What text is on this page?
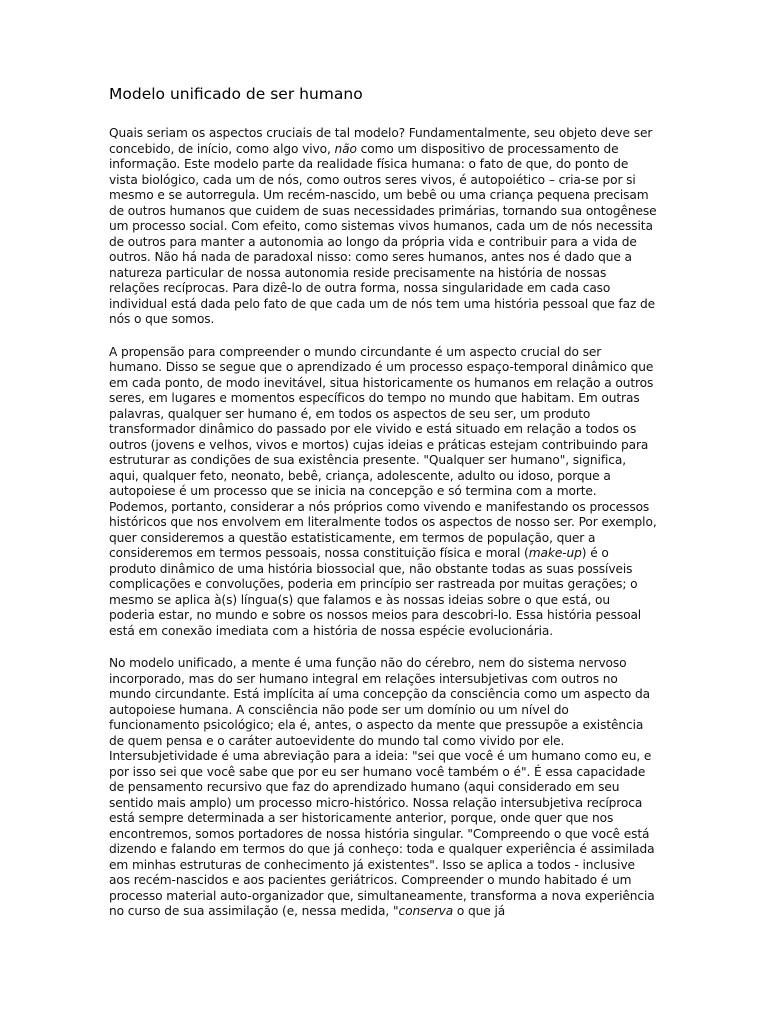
Modelo unificado de ser humano

Quais seriam os aspectos cruciais de tal modelo? Fundamentalmente, seu objeto deve ser concebido, de início, como algo vivo, não como um dispositivo de processamento de informação. Este modelo parte da realidade física humana: o fato de que, do ponto de vista biológico, cada um de nós, como outros seres vivos, é autopoiético – cria-se por si mesmo e se autorregula. Um recém-nascido, um bebê ou uma criança pequena precisam de outros humanos que cuidem de suas necessidades primárias, tornando sua ontogênese um processo social. Com efeito, como sistemas vivos humanos, cada um de nós necessita de outros para manter a autonomia ao longo da própria vida e contribuir para a vida de outros. Não há nada de paradoxal nisso: como seres humanos, antes nos é dado que a natureza particular de nossa autonomia reside precisamente na história de nossas relações recíprocas. Para dizê-lo de outra forma, nossa singularidade em cada caso individual está dada pelo fato de que cada um de nós tem uma história pessoal que faz de nós o que somos.

A propensão para compreender o mundo circundante é um aspecto crucial do ser humano. Disso se segue que o aprendizado é um processo espaço-temporal dinâmico que em cada ponto, de modo inevitável, situa historicamente os humanos em relação a outros seres, em lugares e momentos específicos do tempo no mundo que habitam. Em outras palavras, qualquer ser humano é, em todos os aspectos de seu ser, um produto transformador dinâmico do passado por ele vivido e está situado em relação a todos os outros (jovens e velhos, vivos e mortos) cujas ideias e práticas estejam contribuindo para estruturar as condições de sua existência presente. "Qualquer ser humano", significa, aqui, qualquer feto, neonato, bebê, criança, adolescente, adulto ou idoso, porque a autopoiese é um processo que se inicia na concepção e só termina com a morte. Podemos, portanto, considerar a nós próprios como vivendo e manifestando os processos históricos que nos envolvem em literalmente todos os aspectos de nosso ser. Por exemplo, quer consideremos a questão estatisticamente, em termos de população, quer a consideremos em termos pessoais, nossa constituição física e moral (make-up) é o produto dinâmico de uma história biossocial que, não obstante todas as suas possíveis complicações e convoluções, poderia em princípio ser rastreada por muitas gerações; o mesmo se aplica à(s) língua(s) que falamos e às nossas ideias sobre o que está, ou poderia estar, no mundo e sobre os nossos meios para descobri-lo. Essa história pessoal está em conexão imediata com a história de nossa espécie evolucionária.

No modelo unificado, a mente é uma função não do cérebro, nem do sistema nervoso incorporado, mas do ser humano integral em relações intersubjetivas com outros no mundo circundante. Está implícita aí uma concepção da consciência como um aspecto da autopoiese humana. A consciência não pode ser um domínio ou um nível do funcionamento psicológico; ela é, antes, o aspecto da mente que pressupõe a existência de quem pensa e o caráter autoevidente do mundo tal como vivido por ele. Intersubjetividade é uma abreviação para a ideia: "sei que você é um humano como eu, e por isso sei que você sabe que por eu ser humano você também o é". É essa capacidade de pensamento recursivo que faz do aprendizado humano (aqui considerado em seu sentido mais amplo) um processo micro-histórico. Nossa relação intersubjetiva recíproca está sempre determinada a ser historicamente anterior, porque, onde quer que nos encontremos, somos portadores de nossa história singular. "Compreendo o que você está dizendo e falando em termos do que já conheço: toda e qualquer experiência é assimilada em minhas estruturas de conhecimento já existentes". Isso se aplica a todos - inclusive aos recém-nascidos e aos pacientes geriátricos. Compreender o mundo habitado é um processo material auto-organizador que, simultaneamente, transforma a nova experiência no curso de sua assimilação (e, nessa medida, "conserva o que já
